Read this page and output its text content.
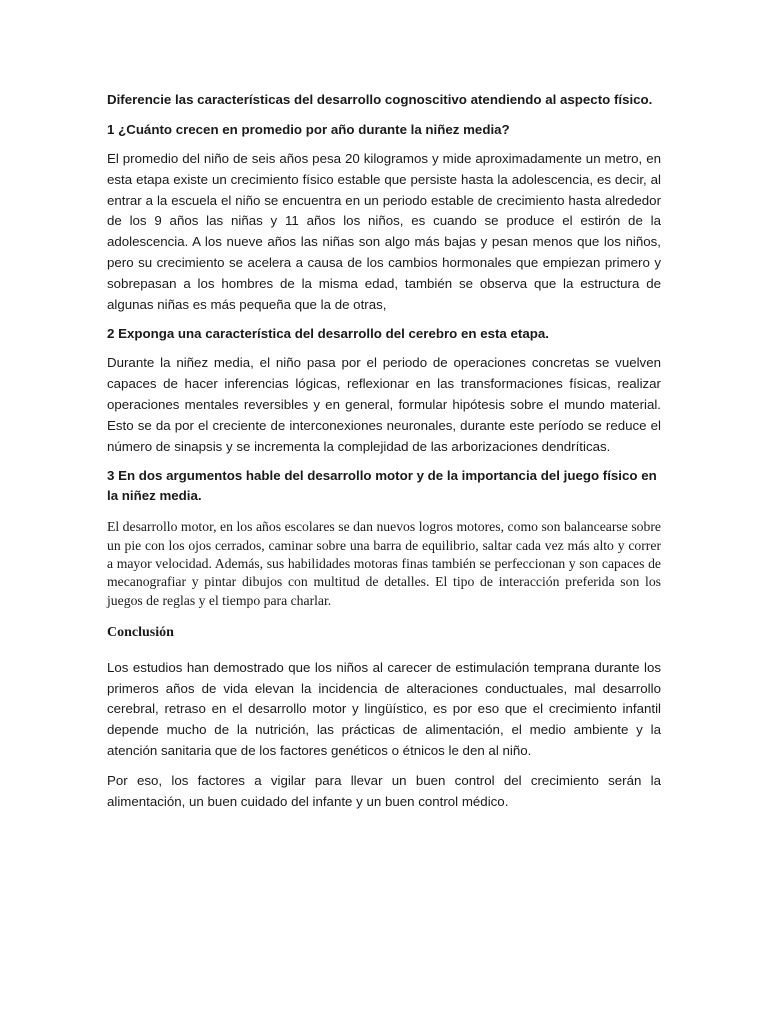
Diferencie las características del desarrollo cognoscitivo atendiendo al aspecto físico.

1 ¿Cuánto crecen en promedio por año durante la niñez media?

El promedio del niño de seis años pesa 20 kilogramos y mide aproximadamente un metro, en esta etapa existe un crecimiento físico estable que persiste hasta la adolescencia, es decir, al entrar a la escuela el niño se encuentra en un periodo estable de crecimiento hasta alrededor de los 9 años las niñas y 11 años los niños, es cuando se produce el estirón de la adolescencia. A los nueve años las niñas son algo más bajas y pesan menos que los niños, pero su crecimiento se acelera a causa de los cambios hormonales que empiezan primero y sobrepasan a los hombres de la misma edad, también se observa que la estructura de algunas niñas es más pequeña que la de otras,

2 Exponga una característica del desarrollo del cerebro en esta etapa.

Durante la niñez media, el niño pasa por el periodo de operaciones concretas se vuelven capaces de hacer inferencias lógicas, reflexionar en las transformaciones físicas, realizar operaciones mentales reversibles y en general, formular hipótesis sobre el mundo material. Esto se da por el creciente de interconexiones neuronales, durante este período se reduce el número de sinapsis y se incrementa la complejidad de las arborizaciones dendríticas.

3 En dos argumentos hable del desarrollo motor y de la importancia del juego físico en la niñez media.

El desarrollo motor, en los años escolares se dan nuevos logros motores, como son balancearse sobre un pie con los ojos cerrados, caminar sobre una barra de equilibrio, saltar cada vez más alto y correr a mayor velocidad. Además, sus habilidades motoras finas también se perfeccionan y son capaces de mecanografiar y pintar dibujos con multitud de detalles. El tipo de interacción preferida son los juegos de reglas y el tiempo para charlar.

Conclusión

Los estudios han demostrado que los niños al carecer de estimulación temprana durante los primeros años de vida elevan la incidencia de alteraciones conductuales, mal desarrollo cerebral, retraso en el desarrollo motor y lingüístico, es por eso que el crecimiento infantil depende mucho de la nutrición, las prácticas de alimentación, el medio ambiente y la atención sanitaria que de los factores genéticos o étnicos le den al niño.

Por eso, los factores a vigilar para llevar un buen control del crecimiento serán la alimentación, un buen cuidado del infante y un buen control médico.
